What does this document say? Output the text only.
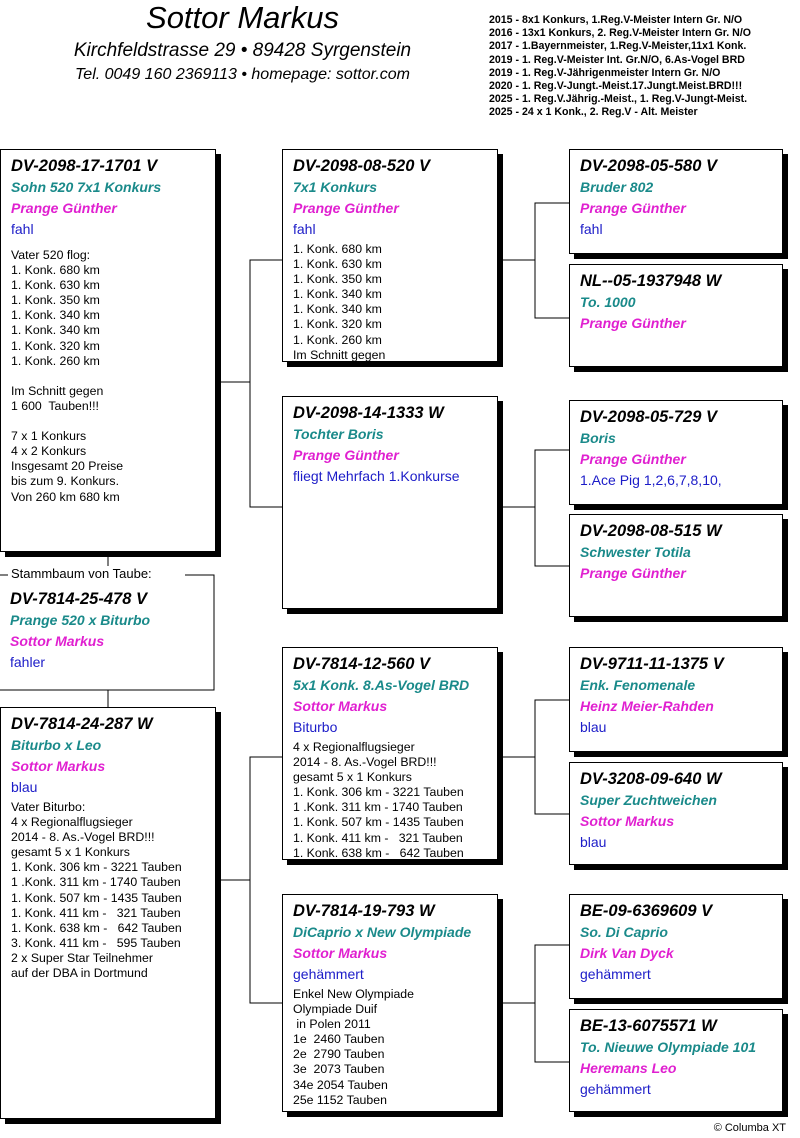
Sottor Markus
Kirchfeldstrasse 29 • 89428 Syrgenstein
Tel. 0049 160 2369113 • homepage: sottor.com
2015 - 8x1 Konkurs, 1.Reg.V-Meister Intern Gr. N/O
2016 - 13x1 Konkurs, 2. Reg.V-Meister Intern Gr. N/O
2017 - 1.Bayernmeister, 1.Reg.V-Meister,11x1 Konk.
2019 - 1. Reg.V-Meister Int. Gr.N/O, 6.As-Vogel BRD
2019 - 1. Reg.V-Jährigenmeister Intern Gr. N/O
2020 - 1. Reg.V-Jungt.-Meist.17.Jungt.Meist.BRD!!!
2025 - 1. Reg.V.Jährig.-Meist., 1. Reg.V-Jungt-Meist.
2025 - 24 x 1 Konk., 2. Reg.V - Alt. Meister
DV-2098-17-1701 V
Sohn 520 7x1 Konkurs
Prange Günther
fahl
Vater 520 flog:
1. Konk. 680 km
1. Konk. 630 km
1. Konk. 350 km
1. Konk. 340 km
1. Konk. 340 km
1. Konk. 320 km
1. Konk. 260 km

Im Schnitt gegen
1 600  Tauben!!!

7 x 1 Konkurs
4 x 2 Konkurs
Insgesamt 20 Preise
bis zum 9. Konkurs.
Von 260 km 680 km
DV-7814-25-478 V
Prange 520 x Biturbo
Sottor Markus
fahler
Stammbaum von Taube:
DV-7814-24-287 W
Biturbo x Leo
Sottor Markus
blau
Vater Biturbo:
4 x Regionalflugsieger
2014 - 8. As.-Vogel BRD!!!
gesamt 5 x 1 Konkurs
1. Konk. 306 km - 3221 Tauben
1 .Konk. 311 km - 1740 Tauben
1. Konk. 507 km - 1435 Tauben
1. Konk. 411 km -   321 Tauben
1. Konk. 638 km -   642 Tauben
3. Konk. 411 km -   595 Tauben
2 x Super Star Teilnehmer
auf der DBA in Dortmund
DV-2098-08-520 V
7x1 Konkurs
Prange Günther
fahl
1. Konk. 680 km
1. Konk. 630 km
1. Konk. 350 km
1. Konk. 340 km
1. Konk. 340 km
1. Konk. 320 km
1. Konk. 260 km
Im Schnitt gegen
DV-2098-14-1333 W
Tochter Boris
Prange Günther
fliegt Mehrfach 1.Konkurse
DV-7814-12-560 V
5x1 Konk. 8.As-Vogel BRD
Sottor Markus
Biturbo
4 x Regionalflugsieger
2014 - 8. As.-Vogel BRD!!!
gesamt 5 x 1 Konkurs
1. Konk. 306 km - 3221 Tauben
1 .Konk. 311 km - 1740 Tauben
1. Konk. 507 km - 1435 Tauben
1. Konk. 411 km -   321 Tauben
1. Konk. 638 km -   642 Tauben
DV-7814-19-793 W
DiCaprio x New Olympiade
Sottor Markus
gehämmert
Enkel New Olympiade
Olympiade Duif
in Polen 2011
1e  2460 Tauben
2e  2790 Tauben
3e  2073 Tauben
34e 2054 Tauben
25e 1152 Tauben
DV-2098-05-580 V
Bruder 802
Prange Günther
fahl
NL--05-1937948 W
To. 1000
Prange Günther
DV-2098-05-729 V
Boris
Prange Günther
1.Ace Pig 1,2,6,7,8,10,
DV-2098-08-515 W
Schwester Totila
Prange Günther
DV-9711-11-1375 V
Enk. Fenomenale
Heinz Meier-Rahden
blau
DV-3208-09-640 W
Super Zuchtweichen
Sottor Markus
blau
BE-09-6369609 V
So. Di Caprio
Dirk Van Dyck
gehämmert
BE-13-6075571 W
To. Nieuwe Olympiade 101
Heremans Leo
gehämmert
© Columba XT
